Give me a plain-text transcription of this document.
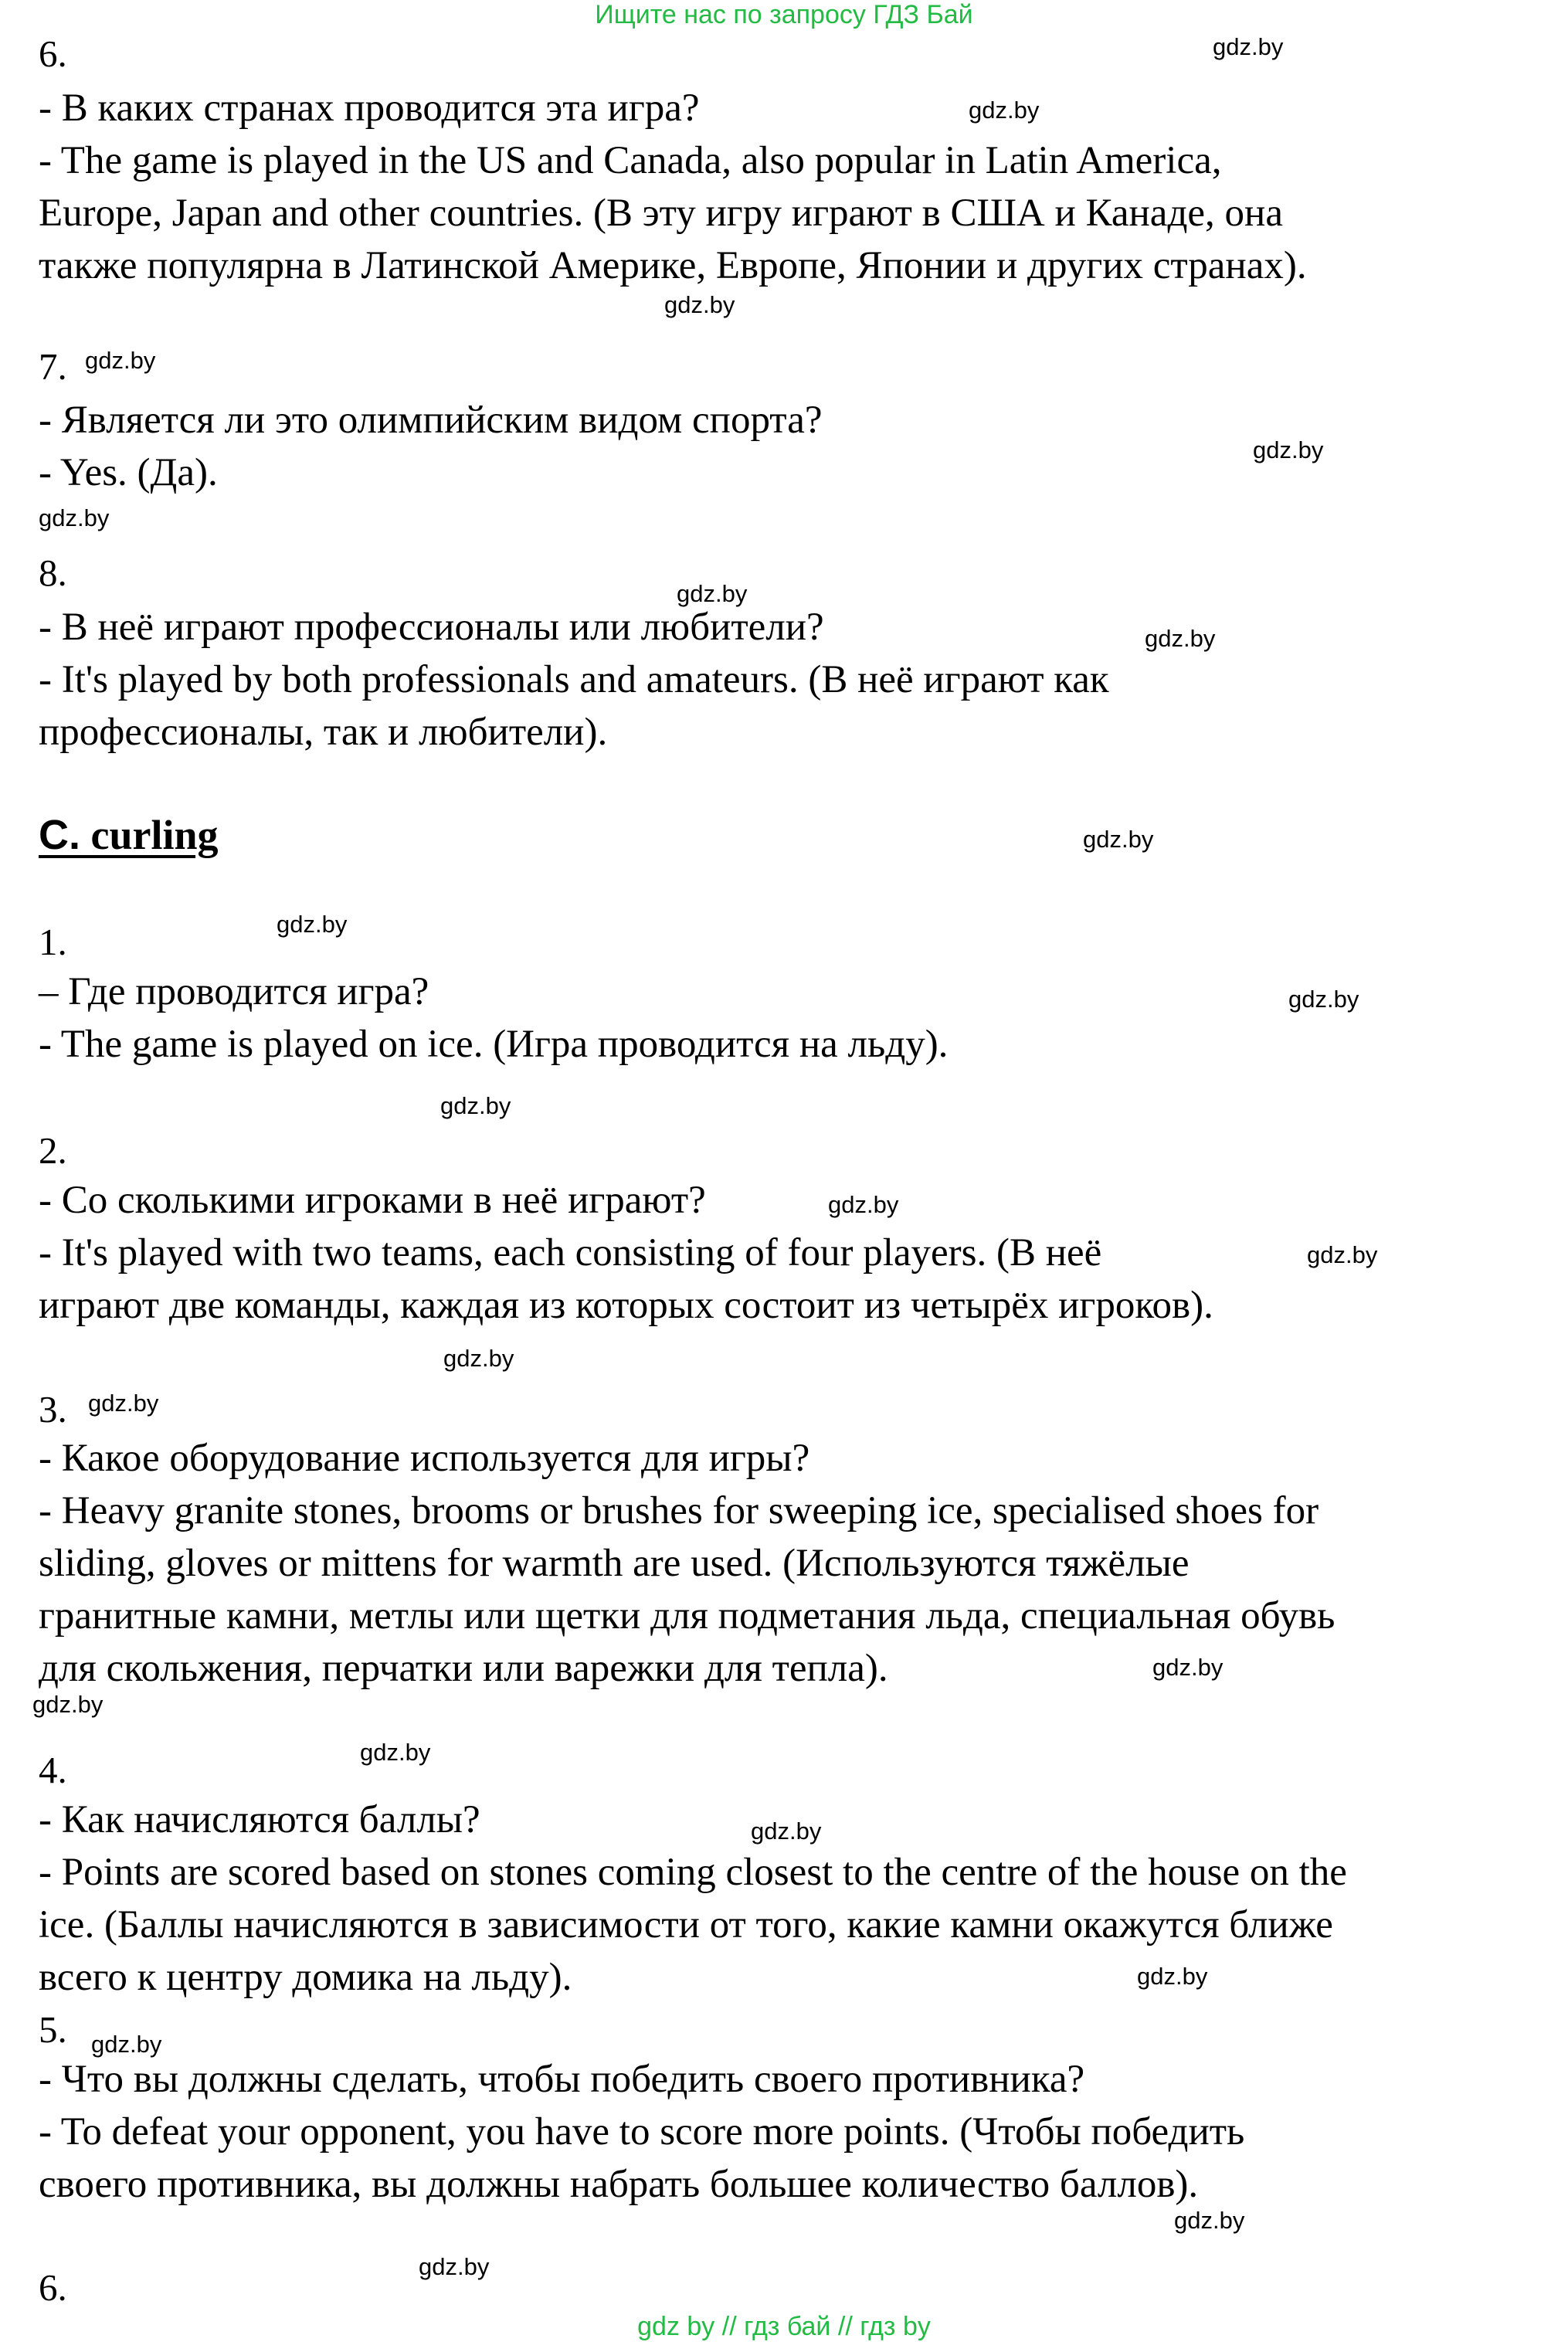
Ищите нас по запросу ГДЗ Бай

6.

- В каких странах проводится эта игра?

- The game is played in the US and Canada, also popular in Latin America,

Europe, Japan and other countries. (В эту игру играют в США и Канаде, она

также популярна в Латинской Америке, Европе, Японии и других странах).

7.

- Является ли это олимпийским видом спорта?

- Yes. (Да).

8.

- В неё играют профессионалы или любители?

- It's played by both professionals and amateurs. (В неё играют как

профессионалы, так и любители).

C. curling

1.

– Где проводится игра?

- The game is played on ice. (Игра проводится на льду).

2.

- Со сколькими игроками в неё играют?

- It's played with two teams, each consisting of four players. (В неё

играют две команды, каждая из которых состоит из четырёх игроков).

3.

- Какое оборудование используется для игры?

- Heavy granite stones, brooms or brushes for sweeping ice, specialised shoes for

sliding, gloves or mittens for warmth are used. (Используются тяжёлые

гранитные камни, метлы или щетки для подметания льда, специальная обувь

для скольжения, перчатки или варежки для тепла).

4.

- Как начисляются баллы?

- Points are scored based on stones coming closest to the centre of the house on the

ice. (Баллы начисляются в зависимости от того, какие камни окажутся ближе

всего к центру домика на льду).

5.

- Что вы должны сделать, чтобы победить своего противника?

- To defeat your opponent, you have to score more points. (Чтобы победить

своего противника, вы должны набрать большее количество баллов).

6.

gdz.by

gdz.by

gdz.by

gdz.by

gdz.by

gdz.by

gdz.by

gdz.by

gdz.by

gdz.by

gdz.by

gdz.by

gdz.by

gdz.by

gdz.by

gdz.by

gdz.by

gdz.by

gdz.by

gdz.by

gdz.by

gdz.by

gdz.by

gdz.by

gdz by // гдз бай // гдз by
